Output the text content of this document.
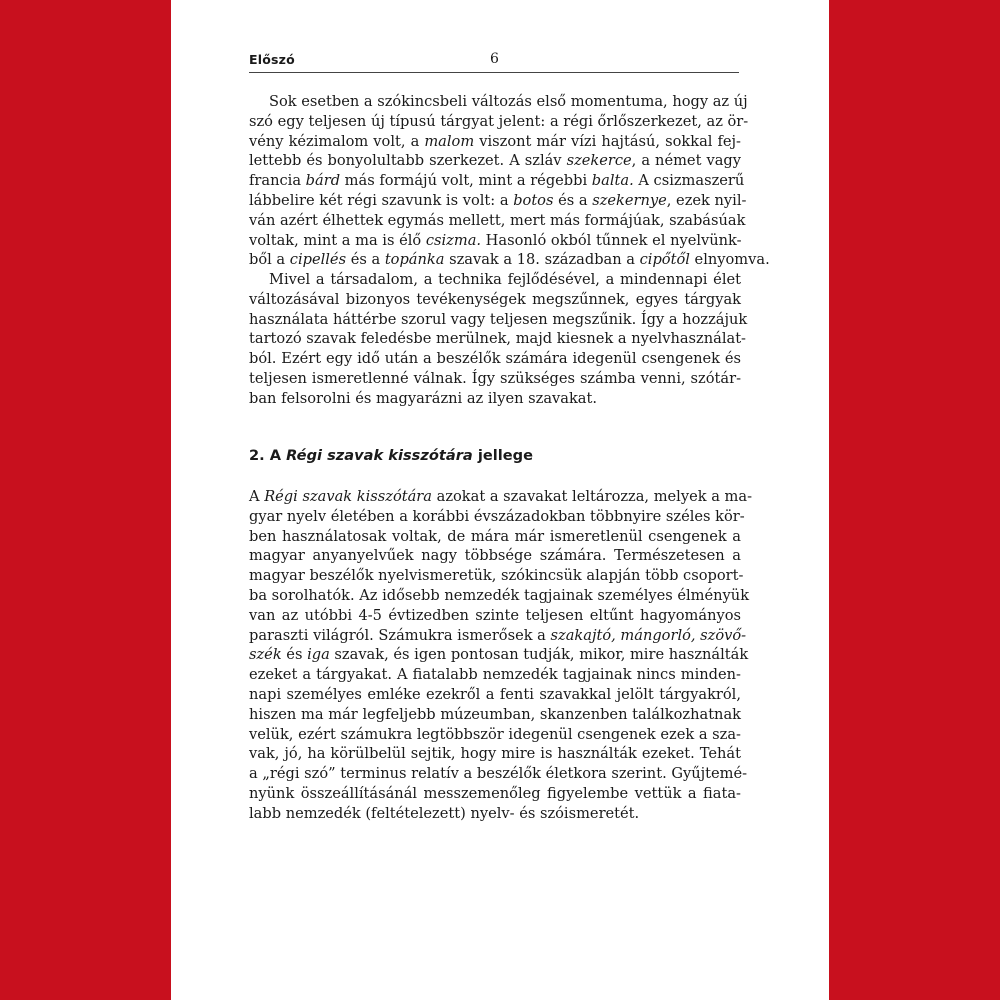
Előszó	6
Sok esetben a szókincsbeli változás első momentuma, hogy az új
szó egy teljesen új típusú tárgyat jelent: a régi őrlőszerkezet, az ör-
vény kézimalom volt, a malom viszont már vízi hajtású, sokkal fej-
lettebb és bonyolultabb szerkezet. A szláv szekerce, a német vagy
francia bárd más formájú volt, mint a régebbi balta. A csizmaszerű
lábbelire két régi szavunk is volt: a botos és a szekernye, ezek nyil-
ván azért élhettek egymás mellett, mert más formájúak, szabásúak
voltak, mint a ma is élő csizma. Hasonló okból tűnnek el nyelvünk-
ből a cipellés és a topánka szavak a 18. században a cipőtől elnyomva.
Mivel a társadalom, a technika fejlődésével, a mindennapi élet
változásával bizonyos tevékenységek megszűnnek, egyes tárgyak
használata háttérbe szorul vagy teljesen megszűnik. Így a hozzájuk
tartozó szavak feledésbe merülnek, majd kiesnek a nyelvhasználat-
ból. Ezért egy idő után a beszélők számára idegenül csengenek és
teljesen ismeretlenné válnak. Így szükséges számba venni, szótár-
ban felsorolni és magyarázni az ilyen szavakat.
2. A Régi szavak kisszótára jellege
A Régi szavak kisszótára azokat a szavakat leltározza, melyek a ma-
gyar nyelv életében a korábbi évszázadokban többnyire széles kör-
ben használatosak voltak, de mára már ismeretlenül csengenek a
magyar anyanyelvűek nagy többsége számára. Természetesen a
magyar beszélők nyelvismeretük, szókincsük alapján több csoport-
ba sorolhatók. Az idősebb nemzedék tagjainak személyes élményük
van az utóbbi 4-5 évtizedben szinte teljesen eltűnt hagyományos
paraszti világról. Számukra ismerősek a szakajtó, mángorló, szövő-
szék és iga szavak, és igen pontosan tudják, mikor, mire használták
ezeket a tárgyakat. A fiatalabb nemzedék tagjainak nincs minden-
napi személyes emléke ezekről a fenti szavakkal jelölt tárgyakról,
hiszen ma már legfeljebb múzeumban, skanzenben találkozhatnak
velük, ezért számukra legtöbbször idegenül csengenek ezek a sza-
vak, jó, ha körülbelül sejtik, hogy mire is használták ezeket. Tehát
a „régi szó” terminus relatív a beszélők életkora szerint. Gyűjtemé-
nyünk összeállításánál messzemenőleg figyelembe vettük a fiata-
labb nemzedék (feltételezett) nyelv- és szóismeretét.
